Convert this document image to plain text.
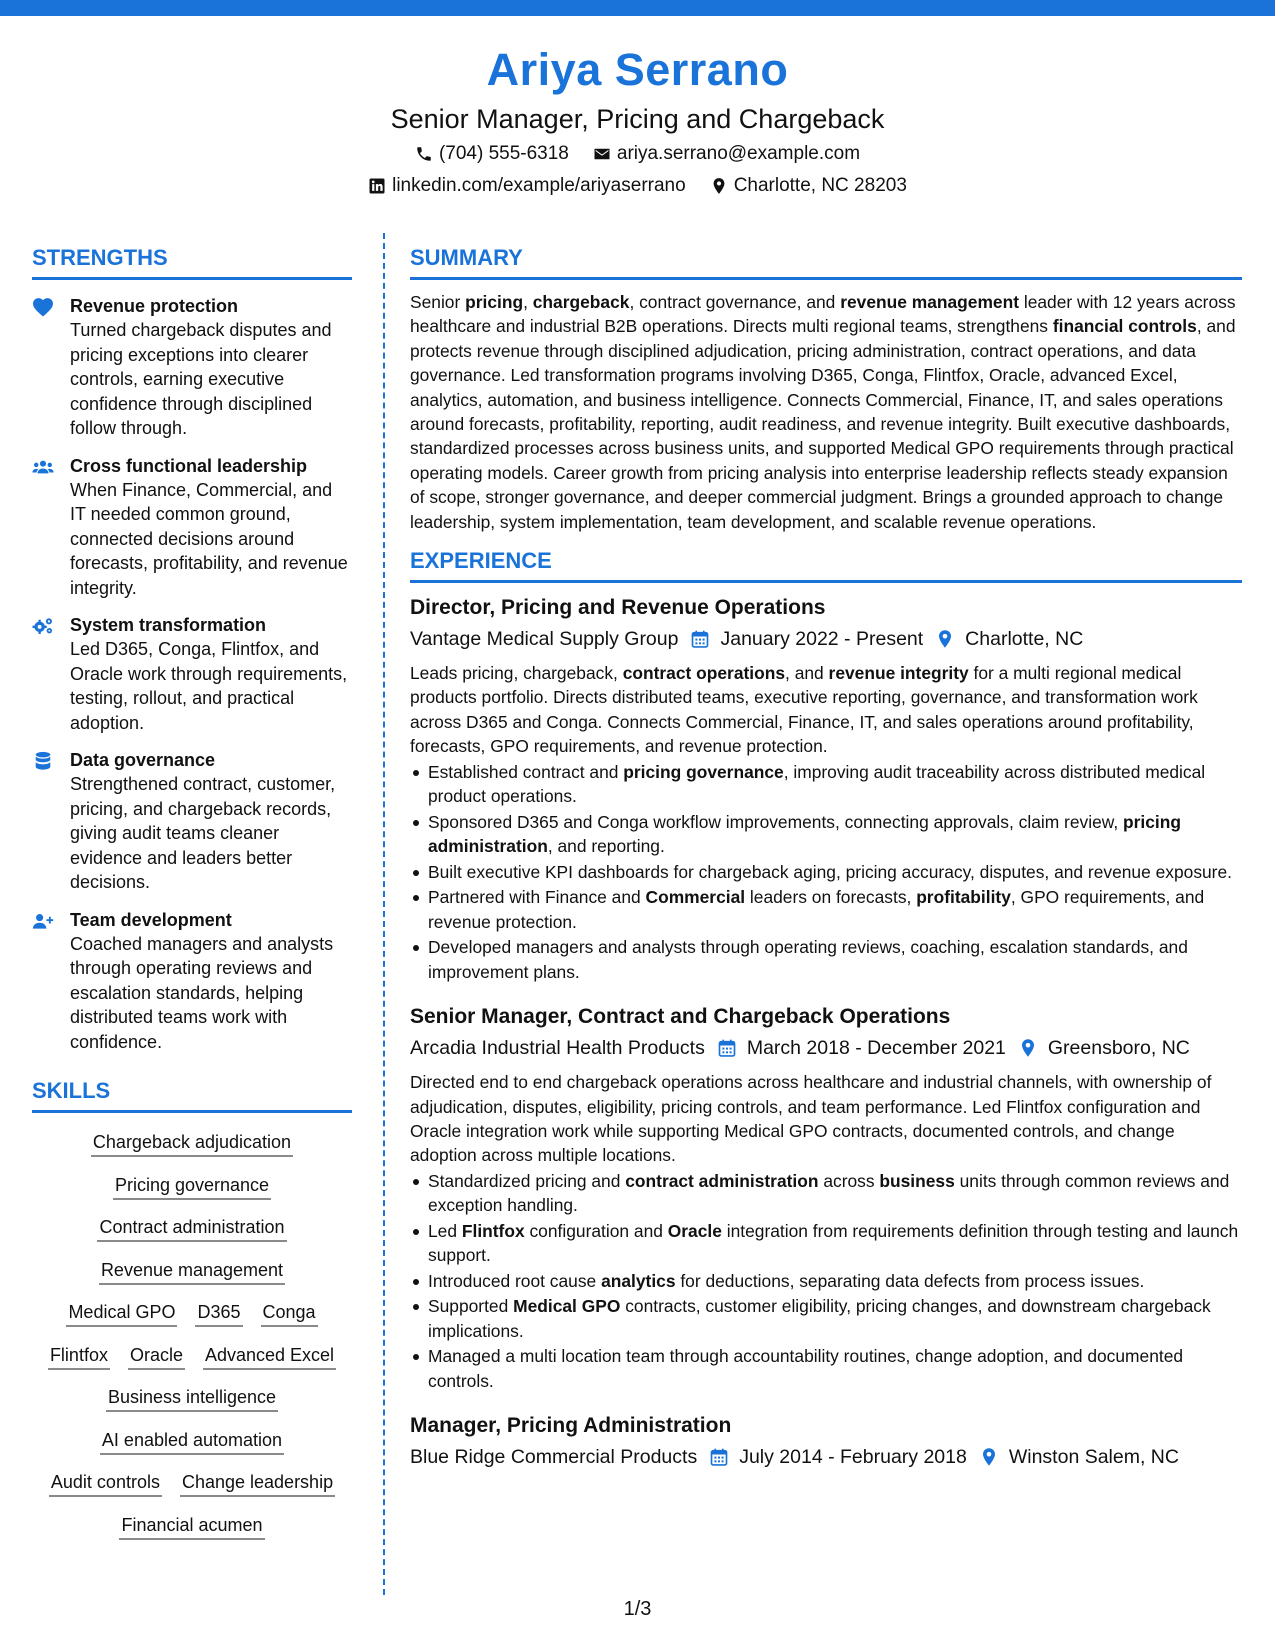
Ariya Serrano
Senior Manager, Pricing and Chargeback
(704) 555-6318	ariya.serrano@example.com
linkedin.com/example/ariyaserrano	Charlotte, NC 28203
STRENGTHS
Revenue protection
Turned chargeback disputes and pricing exceptions into clearer controls, earning executive confidence through disciplined follow through.
Cross functional leadership
When Finance, Commercial, and IT needed common ground, connected decisions around forecasts, profitability, and revenue integrity.
System transformation
Led D365, Conga, Flintfox, and Oracle work through requirements, testing, rollout, and practical adoption.
Data governance
Strengthened contract, customer, pricing, and chargeback records, giving audit teams cleaner evidence and leaders better decisions.
Team development
Coached managers and analysts through operating reviews and escalation standards, helping distributed teams work with confidence.
SKILLS
Chargeback adjudication
Pricing governance
Contract administration
Revenue management
Medical GPO D365 Conga
Flintfox Oracle Advanced Excel
Business intelligence
AI enabled automation
Audit controls Change leadership
Financial acumen
SUMMARY

Senior pricing, chargeback, contract governance, and revenue management leader with 12 years across healthcare and industrial B2B operations. Directs multi regional teams, strengthens financial controls, and protects revenue through disciplined adjudication, pricing administration, contract operations, and data governance. Led transformation programs involving D365, Conga, Flintfox, Oracle, advanced Excel, analytics, automation, and business intelligence. Connects Commercial, Finance, IT, and sales operations around forecasts, profitability, reporting, audit readiness, and revenue integrity. Built executive dashboards, standardized processes across business units, and supported Medical GPO requirements through practical operating models. Career growth from pricing analysis into enterprise leadership reflects steady expansion of scope, stronger governance, and deeper commercial judgment. Brings a grounded approach to change leadership, system implementation, team development, and scalable revenue operations.

EXPERIENCE
Director, Pricing and Revenue Operations
Vantage Medical Supply Group January 2022 - Present Charlotte, NC

Leads pricing, chargeback, contract operations, and revenue integrity for a multi regional medical products portfolio. Directs distributed teams, executive reporting, governance, and transformation work across D365 and Conga. Connects Commercial, Finance, IT, and sales operations around profitability, forecasts, GPO requirements, and revenue protection.

Established contract and pricing governance, improving audit traceability across distributed medical product operations.
Sponsored D365 and Conga workflow improvements, connecting approvals, claim review, pricing administration, and reporting.
Built executive KPI dashboards for chargeback aging, pricing accuracy, disputes, and revenue exposure.
Partnered with Finance and Commercial leaders on forecasts, profitability, GPO requirements, and revenue protection.
Developed managers and analysts through operating reviews, coaching, escalation standards, and improvement plans.
Senior Manager, Contract and Chargeback Operations
Arcadia Industrial Health Products March 2018 - December 2021 Greensboro, NC

Directed end to end chargeback operations across healthcare and industrial channels, with ownership of adjudication, disputes, eligibility, pricing controls, and team performance. Led Flintfox configuration and Oracle integration work while supporting Medical GPO contracts, documented controls, and change adoption across multiple locations.

Standardized pricing and contract administration across business units through common reviews and exception handling.
Led Flintfox configuration and Oracle integration from requirements definition through testing and launch support.
Introduced root cause analytics for deductions, separating data defects from process issues.
Supported Medical GPO contracts, customer eligibility, pricing changes, and downstream chargeback implications.
Managed a multi location team through accountability routines, change adoption, and documented controls.
Manager, Pricing Administration
Blue Ridge Commercial Products July 2014 - February 2018 Winston Salem, NC
1/3
